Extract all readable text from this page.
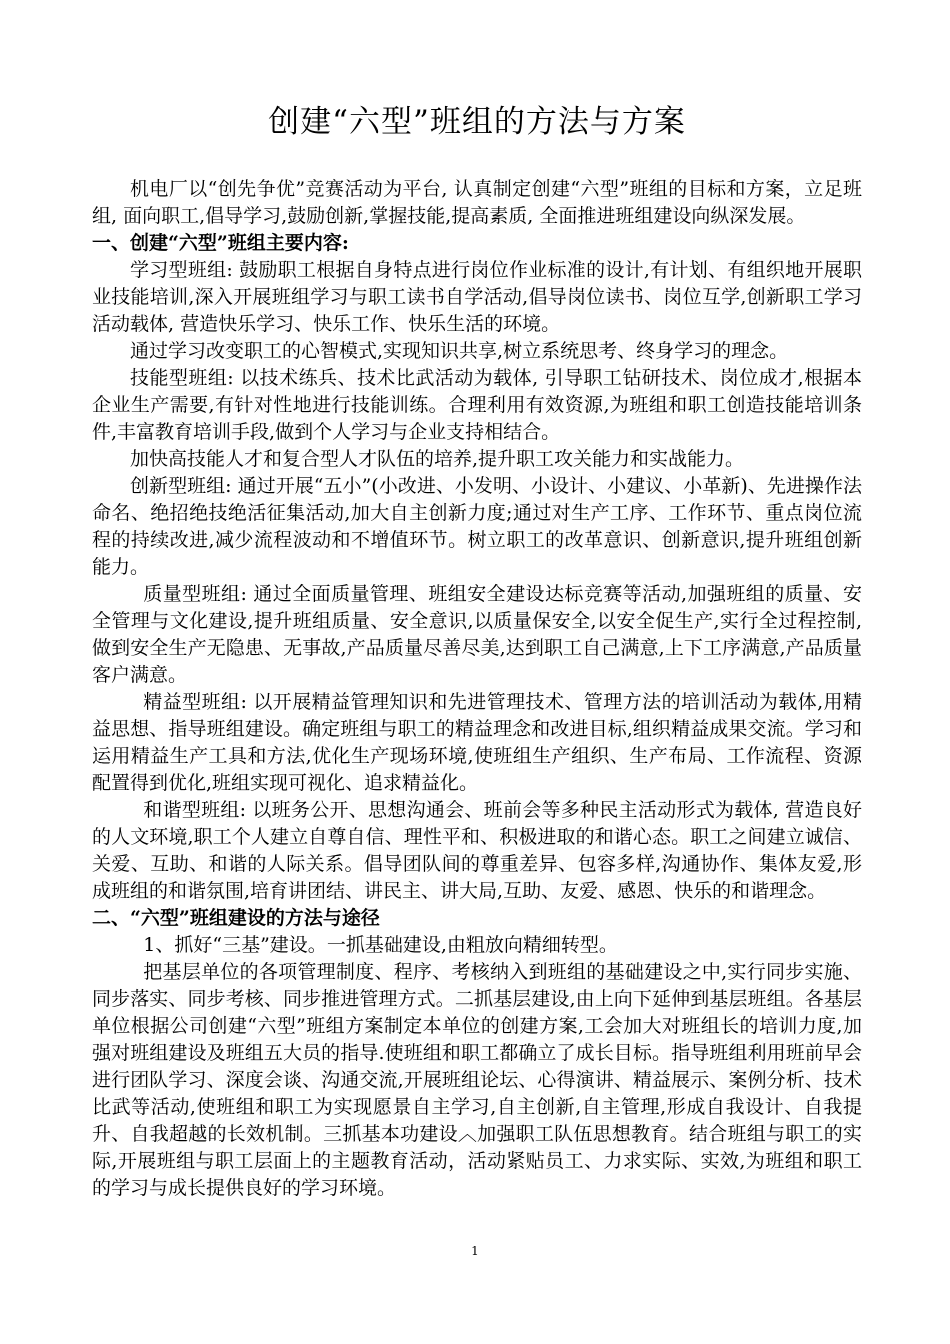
创建“六型”班组的方法与方案

机电厂以“创先争优”竞赛活动为平台, 认真制定创建“六型”班组的目标和方案，立足班组, 面向职工,倡导学习,鼓励创新,掌握技能,提高素质, 全面推进班组建设向纵深发展。

一、创建“六型”班组主要内容:

学习型班组: 鼓励职工根据自身特点进行岗位作业标准的设计,有计划、有组织地开展职业技能培训,深入开展班组学习与职工读书自学活动,倡导岗位读书、岗位互学,创新职工学习活动载体, 营造快乐学习、快乐工作、快乐生活的环境。

通过学习改变职工的心智模式,实现知识共享,树立系统思考、终身学习的理念。

技能型班组: 以技术练兵、技术比武活动为载体, 引导职工钻研技术、岗位成才,根据本企业生产需要,有针对性地进行技能训练。合理利用有效资源,为班组和职工创造技能培训条件,丰富教育培训手段,做到个人学习与企业支持相结合。

加快高技能人才和复合型人才队伍的培养,提升职工攻关能力和实战能力。

创新型班组: 通过开展“五小”(小改进、小发明、小设计、小建议、小革新)、先进操作法命名、绝招绝技绝活征集活动,加大自主创新力度;通过对生产工序、工作环节、重点岗位流程的持续改进,减少流程波动和不增值环节。树立职工的改革意识、创新意识,提升班组创新能力。

质量型班组: 通过全面质量管理、班组安全建设达标竞赛等活动,加强班组的质量、安全管理与文化建设,提升班组质量、安全意识,以质量保安全,以安全促生产,实行全过程控制,做到安全生产无隐患、无事故,产品质量尽善尽美,达到职工自己满意,上下工序满意,产品质量客户满意。

精益型班组: 以开展精益管理知识和先进管理技术、管理方法的培训活动为载体,用精益思想、指导班组建设。确定班组与职工的精益理念和改进目标,组织精益成果交流。学习和运用精益生产工具和方法,优化生产现场环境,使班组生产组织、生产布局、工作流程、资源配置得到优化,班组实现可视化、追求精益化。

和谐型班组: 以班务公开、思想沟通会、班前会等多种民主活动形式为载体, 营造良好的人文环境,职工个人建立自尊自信、理性平和、积极进取的和谐心态。职工之间建立诚信、关爱、互助、和谐的人际关系。倡导团队间的尊重差异、包容多样,沟通协作、集体友爱,形成班组的和谐氛围,培育讲团结、讲民主、讲大局,互助、友爱、感恩、快乐的和谐理念。

二、“六型”班组建设的方法与途径

1、抓好“三基”建设。一抓基础建设,由粗放向精细转型。

把基层单位的各项管理制度、程序、考核纳入到班组的基础建设之中,实行同步实施、同步落实、同步考核、同步推进管理方式。二抓基层建设,由上向下延伸到基层班组。各基层单位根据公司创建“六型”班组方案制定本单位的创建方案,工会加大对班组长的培训力度,加强对班组建设及班组五大员的指导.使班组和职工都确立了成长目标。指导班组利用班前早会进行团队学习、深度会谈、沟通交流,开展班组论坛、心得演讲、精益展示、案例分析、技术比武等活动,使班组和职工为实现愿景自主学习,自主创新,自主管理,形成自我设计、自我提升、自我超越的长效机制。三抓基本功建设︿加强职工队伍思想教育。结合班组与职工的实际,开展班组与职工层面上的主题教育活动，活动紧贴员工、力求实际、实效,为班组和职工的学习与成长提供良好的学习环境。

1
